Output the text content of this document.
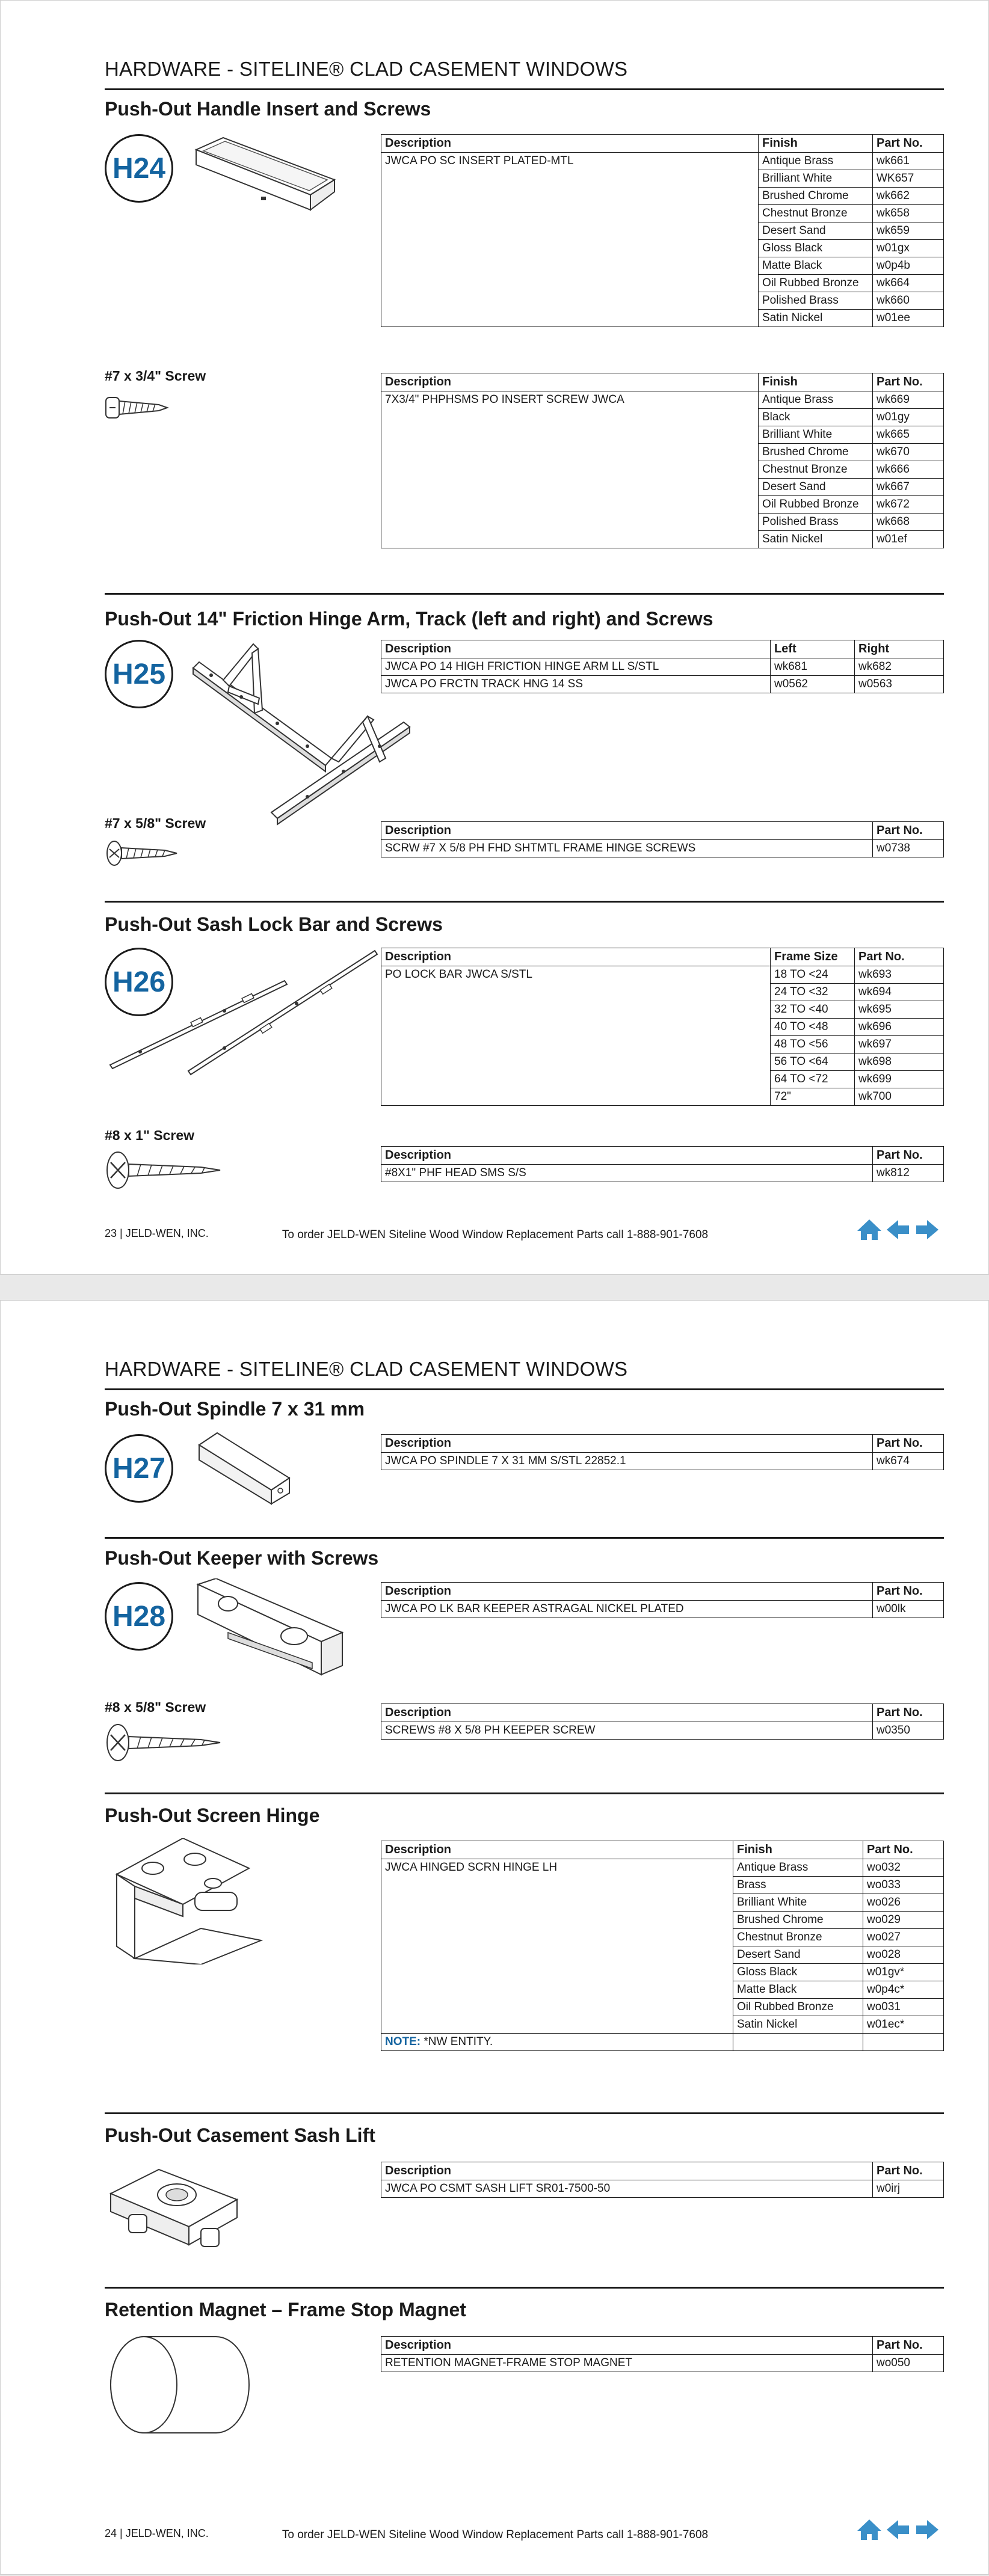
HARDWARE - SITELINE® CLAD CASEMENT WINDOWS
Push-Out Handle Insert and Screws
H24
Description	Finish	Part No.
JWCA PO SC INSERT PLATED-MTL	Antique Brass	wk661
	Brilliant White	WK657
	Brushed Chrome	wk662
	Chestnut Bronze	wk658
	Desert Sand	wk659
	Gloss Black	w01gx
	Matte Black	w0p4b
	Oil Rubbed Bronze	wk664
	Polished Brass	wk660
	Satin Nickel	w01ee
#7 x 3/4" Screw	Description	Finish	Part No.
7X3/4" PHPHSMS PO INSERT SCREW JWCA	Antique Brass	wk669
	Black	w01gy
	Brilliant White	wk665
	Brushed Chrome	wk670
	Chestnut Bronze	wk666
	Desert Sand	wk667
	Oil Rubbed Bronze	wk672
	Polished Brass	wk668
	Satin Nickel	w01ef
Push-Out 14" Friction Hinge Arm, Track (left and right) and Screws
H25
Description	Left	Right
JWCA PO 14 HIGH FRICTION HINGE ARM LL S/STL	wk681	wk682
JWCA PO FRCTN TRACK HNG 14 SS	w0562	w0563
#7 x 5/8" Screw	Description	Part No.
SCRW #7 X 5/8 PH FHD SHTMTL FRAME HINGE SCREWS	w0738
Push-Out Sash Lock Bar and Screws
H26
Description	Frame Size	Part No.
PO LOCK BAR JWCA S/STL	18 TO <24	wk693
	24 TO <32	wk694
	32 TO <40	wk695
	40 TO <48	wk696
	48 TO <56	wk697
	56 TO <64	wk698
	64 TO <72	wk699
	72"	wk700
#8 x 1" Screw
Description	Part No.
#8X1" PHF HEAD SMS S/S	wk812
23 | JELD-WEN, INC.	To order JELD-WEN Siteline Wood Window Replacement Parts call 1-888-901-7608
HARDWARE - SITELINE® CLAD CASEMENT WINDOWS
Push-Out Spindle 7 x 31 mm
H27
Description	Part No.
JWCA PO SPINDLE 7 X 31 MM S/STL 22852.1	wk674
Push-Out Keeper with Screws
H28
Description	Part No.
JWCA PO LK BAR KEEPER ASTRAGAL NICKEL PLATED	w00lk
#8 x 5/8" Screw	Description	Part No.
SCREWS #8 X 5/8 PH KEEPER SCREW	w0350
Push-Out Screen Hinge
Description	Finish	Part No.
JWCA HINGED SCRN HINGE LH	Antique Brass	wo032
	Brass	wo033
	Brilliant White	wo026
	Brushed Chrome	wo029
	Chestnut Bronze	wo027
	Desert Sand	wo028
	Gloss Black	w01gv*
	Matte Black	w0p4c*
	Oil Rubbed Bronze	wo031
	Satin Nickel	w01ec*
NOTE: *NW ENTITY.		
Push-Out Casement Sash Lift
Description	Part No.
JWCA PO CSMT SASH LIFT SR01-7500-50	w0irj
Retention Magnet – Frame Stop Magnet
Description	Part No.
RETENTION MAGNET-FRAME STOP MAGNET	wo050
24 | JELD-WEN, INC.	To order JELD-WEN Siteline Wood Window Replacement Parts call 1-888-901-7608
